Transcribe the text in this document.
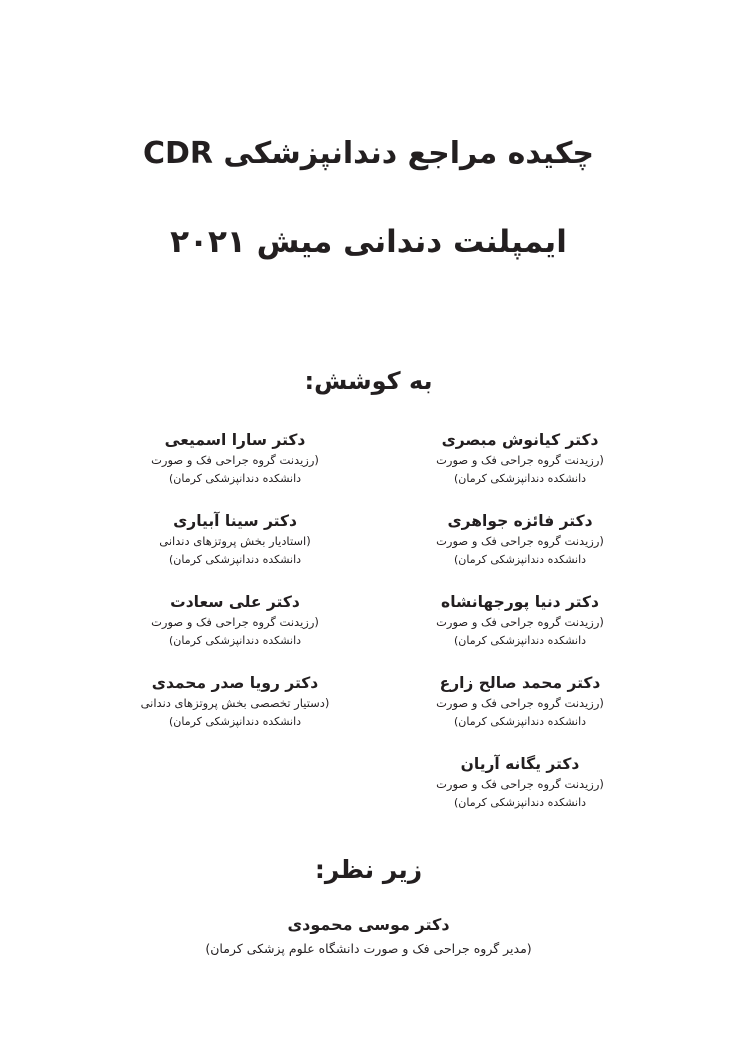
چکیده مراجع دندانپزشکی CDR
ایمپلنت دندانی میش ۲۰۲۱
به کوشش:
دکتر کیانوش مبصری
(رزیدنت گروه جراحی فک و صورت
دانشکده دندانپزشکی کرمان)
دکتر فائزه جواهری
(رزیدنت گروه جراحی فک و صورت
دانشکده دندانپزشکی کرمان)
دکتر دنیا پورجهانشاه
(رزیدنت گروه جراحی فک و صورت
دانشکده دندانپزشکی کرمان)
دکتر محمد صالح زارع
(رزیدنت گروه جراحی فک و صورت
دانشکده دندانپزشکی کرمان)
دکتر یگانه آریان
(رزیدنت گروه جراحی فک و صورت
دانشکده دندانپزشکی کرمان)
دکتر سارا اسمیعی
(رزیدنت گروه جراحی فک و صورت
دانشکده دندانپزشکی کرمان)
دکتر سینا آبیاری
(استادیار بخش پروتزهای دندانی
دانشکده دندانپزشکی کرمان)
دکتر علی سعادت
(رزیدنت گروه جراحی فک و صورت
دانشکده دندانپزشکی کرمان)
دکتر رویا صدر محمدی
(دستیار تخصصی بخش پروتزهای دندانی
دانشکده دندانپزشکی کرمان)
زیر نظر:
دکتر موسی محمودی
(مدیر گروه جراحی فک و صورت دانشگاه علوم پزشکی کرمان)
